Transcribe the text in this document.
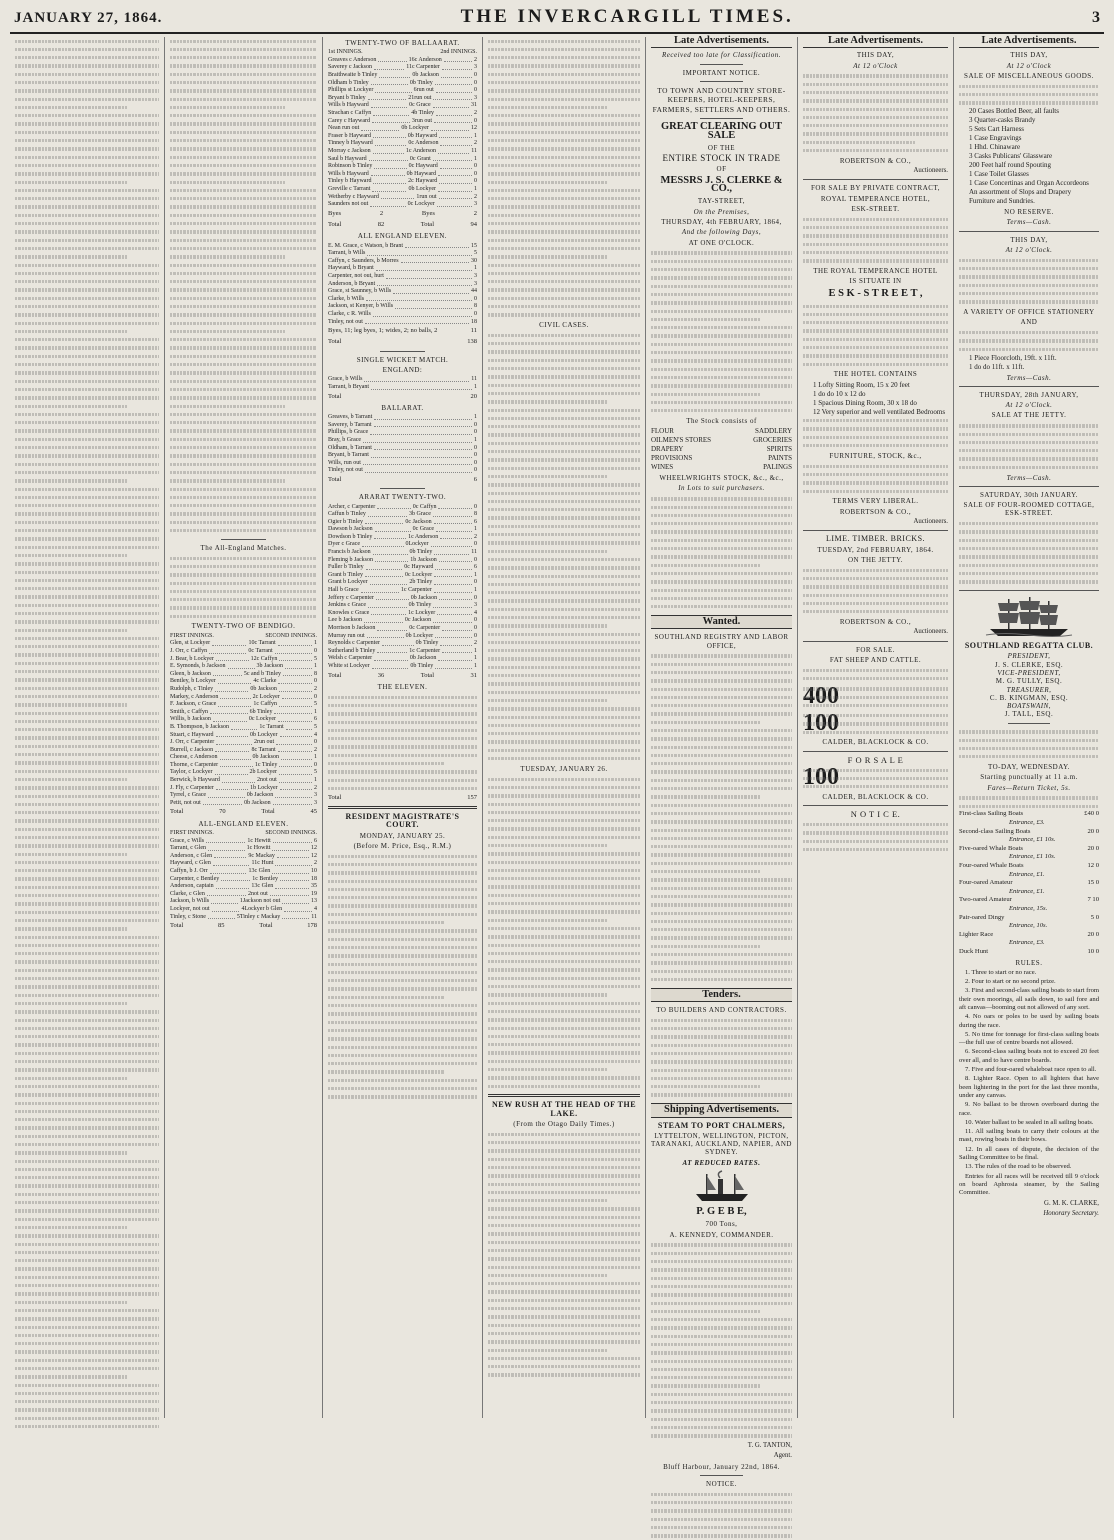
JANUARY 27, 1864.	THE INVERCARGILL TIMES.	3
The All-England Matches.
TWENTY-TWO OF BENDIGO.
FIRST INNINGS.	SECOND INNINGS.
Glen, st Lockyer	10 c Tarrant	1
J. Orr, c Caffyn	0 c Tarrant	0
J. Bear, b Lockyer	12 c Caffyn	5
E. Symonds, b Jackson	3 b Jackson	1
Gleen, b Jackson	5 c and b Tinley	8
Bentley, b Lockyer	4 c Clarke	0
Rudolph, c Tinley	0 b Jackson	2
Markey, c Anderson	2 c Lockyer	0
F. Jackson, c Grace	1 c Caffyn	5
Smith, c Caffyn	6 b Tinley	1
Willis, b Jackson	0 c Lockyer	6
B. Thompson, b Jackson	1 c Tarrant	5
Stuart, c Hayward	0 b Lockyer	4
J. Orr, c Carpenter	2 run out	0
Burrell, c Jackson	8 c Tarrant	2
Cheese, c Anderson	0 b Jackson	1
Thorne, c Carpenter	1 c Tinley	0
Taylor, c Lockyer	2 b Lockyer	5
Berwick, b Hayward	2 not out	1
J. Fly, c Carpenter	1 b Lockyer	2
Tyrrel, c Grace	0 b Jackson	3
Petit, not out	0 b Jackson	3
Total	70	Total	45
ALL-ENGLAND ELEVEN.
FIRST INNINGS.	SECOND INNINGS.
Grace, c Wills	1 c Hewitt	6
Tarrant, c Glen	1 c Howitt	12
Anderson, c Glen	9 c Mackay	12
Hayward, c Glen	11 c Hunt	2
Caffyn, b J. Orr	13 c Glen	10
Carpenter, c Bentley	1 c Bentley	18
Anderson, captain	13 c Glen	35
Clarke, c Glen	2 not out	19
Jackson, b Wills	1 Jackson not out	13
Lockyer, not out	4 Lockyer b Glen	4
Tinley, c Stone	5 Tinley c Mackay	11
Total	85	Total	178
TWENTY-TWO OF BALLAARAT.
1st INNINGS.	2nd INNINGS.
Greaves c Anderson	16 c Anderson	2
Saverey c Jackson	11 c Carpenter	3
Braithwaite b Tinley	0 b Jackson	0
Oldham b Tinley	0 b Tinley	0
Phillips st Lockyer	6 run out	0
Bryant b Tinley	21 run out	3
Wills b Hayward	0 c Grace	31
Strachan c Caffyn	4 b Tinley	2
Carey c Hayward	3 run out	0
Nean run out	0 b Lockyer	12
Fraser b Hayward	0 b Hayward	1
Tinney b Hayward	0 c Anderson	2
Morray c Jackson	1 c Anderson	11
Saul b Hayward	0 c Grant	1
Robinson b Tinley	0 c Hayward	0
Wills b Hayward	0 b Hayward	0
Tinley b Hayward	2 c Hayward	0
Greville c Tarrant	0 b Lockyer	1
Wetherby c Hayward	1 run out	2
Saunders not out	0 c Lockyer	3
Byes	2	Byes	2
Total	82	Total	94
ALL ENGLAND ELEVEN.
E. M. Grace, c Watson, b Brant	15
Tarrant, b Wills	5
Caffyn, c Saunders, b Morres	30
Hayward, b Bryant	1
Carpenter, not out, hurt	3
Anderson, b Bryant	3
Grace, st Saunney, b Wills	44
Clarke, b Wills	0
Jackson, st Kenyer, b Wills	8
Clarke, c R. Wills	0
Tinley, not out	18
Byes, 11; leg byes, 1; wides, 2; no balls, 2	11
Total	138
SINGLE WICKET MATCH.
ENGLAND:
Grace, b Wills	11
Tarrant, b Bryant	1
Total	20
BALLARAT.
Greaves, b Tarrant	1
Saverey, b Tarrant	0
Phillips, b Grace	0
Bray, b Grace	1
Oldham, b Tarrant	0
Bryant, b Tarrant	0
Wills, run out	0
Tinley, not out	0
Total	6
ARARAT TWENTY-TWO.
Archer, c Carpenter	0 c Caffyn	0
Caffun b Tinley	3 b Grace	8
Ogier b Tinley	0 c Jackson	6
Dawson b Jackson	0 c Grace	1
Dowdson b Tinley	1 c Anderson	2
Dyer c Grace	0 Lockyer	0
Francis b Jackson	0 b Tinley	11
Fleming b Jackson	1 b Jackson	0
Fuller b Tinley	0 c Hayward	6
Grant b Tinley	0 c Lockyer	1
Grant b Lockyer	2 b Tinley	0
Hall b Grace	1 c Carpenter	1
Jeffery c Carpenter	0 b Jackson	0
Jenkins c Grace	0 b Tinley	3
Knowles c Grace	1 c Lockyer	4
Lee b Jackson	0 c Jackson	0
Morrison b Jackson	0 c Carpenter	0
Murray run out	0 b Lockyer	0
Reynolds c Carpenter	0 b Tinley	2
Sutherland b Tinley	1 c Carpenter	1
Welsh c Carpenter	0 b Jackson	1
White st Lockyer	0 b Tinley	1
Total	36	Total	31
THE ELEVEN.
Total	157
RESIDENT MAGISTRATE'S COURT.
MONDAY, JANUARY 25.
(Before M. Price, Esq., R.M.)
CIVIL CASES.
TUESDAY, JANUARY 26.
NEW RUSH AT THE HEAD OF THE LAKE.
(From the Otago Daily Times.)
Late Advertisements.
Received too late for Classification.
IMPORTANT NOTICE.
TO TOWN AND COUNTRY STORE-KEEPERS, HOTEL-KEEPERS, FARMERS, SETTLERS AND OTHERS.
GREAT CLEARING OUT SALE
OF THE
ENTIRE STOCK IN TRADE
OF
MESSRS J. S. CLERKE & CO.,
TAY-STREET,
On the Premises,
THURSDAY, 4th FEBRUARY, 1864,
And the following Days,
AT ONE O'CLOCK.
The Stock consists of
FLOUR	SADDLERY
OILMEN'S STORES	GROCERIES
DRAPERY	SPIRITS
PROVISIONS	PAINTS
WINES	PALINGS
WHEELWRIGHTS STOCK, &c., &c.,
In Lots to suit purchasers.
Wanted.
SOUTHLAND REGISTRY AND LABOR OFFICE,
Tenders.
TO BUILDERS AND CONTRACTORS.
Shipping Advertisements.
STEAM TO PORT CHALMERS,
LYTTELTON, WELLINGTON, PICTON, TARANAKI, AUCKLAND, NAPIER, AND SYDNEY.
AT REDUCED RATES.
P. G E B E,
700 Tons,
A. KENNEDY, COMMANDER.
T. G. TANTON,
Agent.
Bluff Harbour, January 22nd, 1864.
NOTICE.
Late Advertisements.
THIS DAY,
At 12 o'Clock
ROBERTSON & CO.,
Auctioneers.
FOR SALE BY PRIVATE CONTRACT,
ROYAL TEMPERANCE HOTEL,
ESK-STREET.
THE ROYAL TEMPERANCE HOTEL
IS SITUATE IN
E S K - S T R E E T ,
THE HOTEL CONTAINS
1 Lofty Sitting Room, 15 x 20 feet
1 do do 10 x 12 do
1 Spacious Dining Room, 30 x 18 do
12 Very superior and well ventilated Bedrooms
FURNITURE, STOCK, &c.,
TERMS VERY LIBERAL.
ROBERTSON & CO.,
Auctioneers.
LIME. TIMBER. BRICKS.
TUESDAY, 2nd FEBRUARY, 1864.
ON THE JETTY.
ROBERTSON & CO.,
Auctioneers.
FOR SALE.
FAT SHEEP AND CATTLE.
400
100
CALDER, BLACKLOCK & CO.
F O R S A L E
100
CALDER, BLACKLOCK & CO.
N O T I C E.
Late Advertisements.
THIS DAY,
At 12 o'Clock
SALE OF MISCELLANEOUS GOODS.
20 Cases Bottled Beer, all faults
3 Quarter-casks Brandy
5 Sets Cart Harness
1 Case Engravings
1 Hhd. Chinaware
3 Casks Publicans' Glassware
200 Feet half round Spouting
1 Case Toilet Glasses
1 Case Concertinas and Organ Accordeons
An assortment of Slops and Drapery
Furniture and Sundries.
NO RESERVE.
Terms—Cash.
THIS DAY,
At 12 o'Clock.
A VARIETY OF OFFICE STATIONERY
AND
1 Piece Floorcloth, 19ft. x 11ft.
1 do do 11ft. x 11ft.
Terms—Cash.
THURSDAY, 28th JANUARY,
At 12 o'Clock.
SALE AT THE JETTY.
Terms—Cash.
SATURDAY, 30th JANUARY.
SALE OF FOUR-ROOMED COTTAGE, ESK-STREET.
SOUTHLAND REGATTA CLUB.
PRESIDENT,
J. S. CLERKE, ESQ.
VICE-PRESIDENT,
M. G. TULLY, ESQ.
TREASURER,
C. B. KINGMAN, ESQ.
BOATSWAIN,
J. TALL, ESQ.
TO-DAY, WEDNESDAY.
Starting punctually at 11 a.m.
Fares—Return Ticket, 5s.
First-class Sailing Boats	£40 0
Entrance, £3.
Second-class Sailing Boats	20 0
Entrance, £1 10s.
Five-oared Whale Boats	20 0
Entrance, £1 10s.
Four-oared Whale Boats	12 0
Entrance, £1.
Four-oared Amateur	15 0
Entrance, £1.
Two-oared Amateur	7 10
Entrance, 15s.
Pair-oared Dingy	5 0
Entrance, 10s.
Lighter Race	20 0
Entrance, £3.
Duck Hunt	10 0
RULES.

1. Three to start or no race.

2. Four to start or no second prize.

3. First and second-class sailing boats to start from their own moorings, all sails down, to sail fore and aft canvas—booming out not allowed of any sort.

4. No oars or poles to be used by sailing boats during the race.

5. No time for tonnage for first-class sailing boats—the full use of centre boards not allowed.

6. Second-class sailing boats not to exceed 20 feet over all, and to have centre boards.

7. Five and four-oared whaleboat race open to all.

8. Lighter Race. Open to all lighters that have been lightering in the port for the last three months, under any canvas.

9. No ballast to be thrown overboard during the race.

10. Water ballast to be sealed in all sailing boats.

11. All sailing boats to carry their colours at the mast, rowing boats in their bows.

12. In all cases of dispute, the decision of the Sailing Committee to be final.

13. The rules of the road to be observed.

Entries for all races will be received till 9 o'clock on board Aphrosia steamer, by the Sailing Committee.

G. M. K. CLARKE,
Honorary Secretary.
